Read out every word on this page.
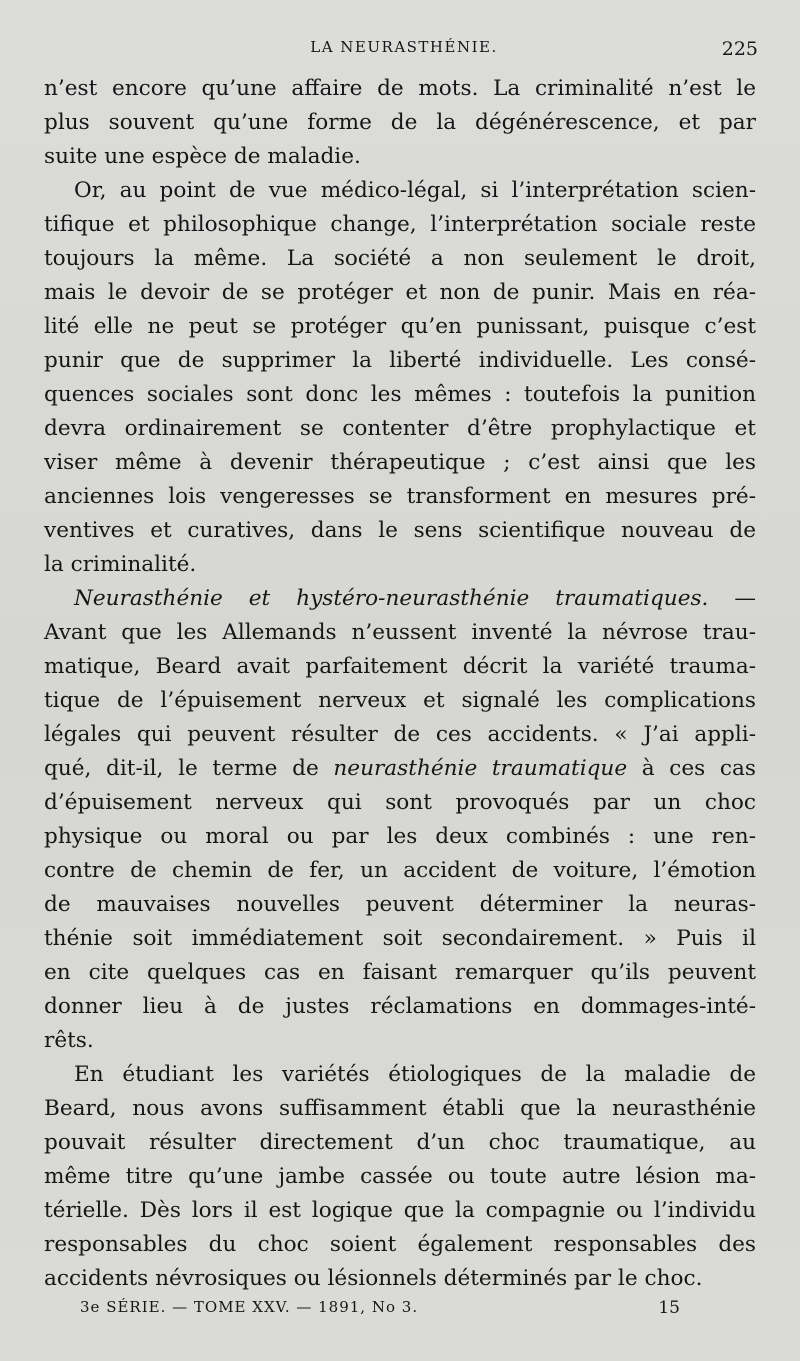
LA NEURASTHÉNIE.	225
n’est encore qu’une affaire de mots. La criminalité n’est le
plus souvent qu’une forme de la dégénérescence, et par
suite une espèce de maladie.
Or, au point de vue médico-légal, si l’interprétation scien-
tifique et philosophique change, l’interprétation sociale reste
toujours la même. La société a non seulement le droit,
mais le devoir de se protéger et non de punir. Mais en réa-
lité elle ne peut se protéger qu’en punissant, puisque c’est
punir que de supprimer la liberté individuelle. Les consé-
quences sociales sont donc les mêmes : toutefois la punition
devra ordinairement se contenter d’être prophylactique et
viser même à devenir thérapeutique ; c’est ainsi que les
anciennes lois vengeresses se transforment en mesures pré-
ventives et curatives, dans le sens scientifique nouveau de
la criminalité.
Neurasthénie et hystéro-neurasthénie traumatiques. —
Avant que les Allemands n’eussent inventé la névrose trau-
matique, Beard avait parfaitement décrit la variété trauma-
tique de l’épuisement nerveux et signalé les complications
légales qui peuvent résulter de ces accidents. « J’ai appli-
qué, dit-il, le terme de neurasthénie traumatique à ces cas
d’épuisement nerveux qui sont provoqués par un choc
physique ou moral ou par les deux combinés : une ren-
contre de chemin de fer, un accident de voiture, l’émotion
de mauvaises nouvelles peuvent déterminer la neuras-
thénie soit immédiatement soit secondairement. » Puis il
en cite quelques cas en faisant remarquer qu’ils peuvent
donner lieu à de justes réclamations en dommages-inté-
rêts.
En étudiant les variétés étiologiques de la maladie de
Beard, nous avons suffisamment établi que la neurasthénie
pouvait résulter directement d’un choc traumatique, au
même titre qu’une jambe cassée ou toute autre lésion ma-
térielle. Dès lors il est logique que la compagnie ou l’individu
responsables du choc soient également responsables des
accidents névrosiques ou lésionnels déterminés par le choc.
3e SÉRIE. — TOME XXV. — 1891, No 3.	15
